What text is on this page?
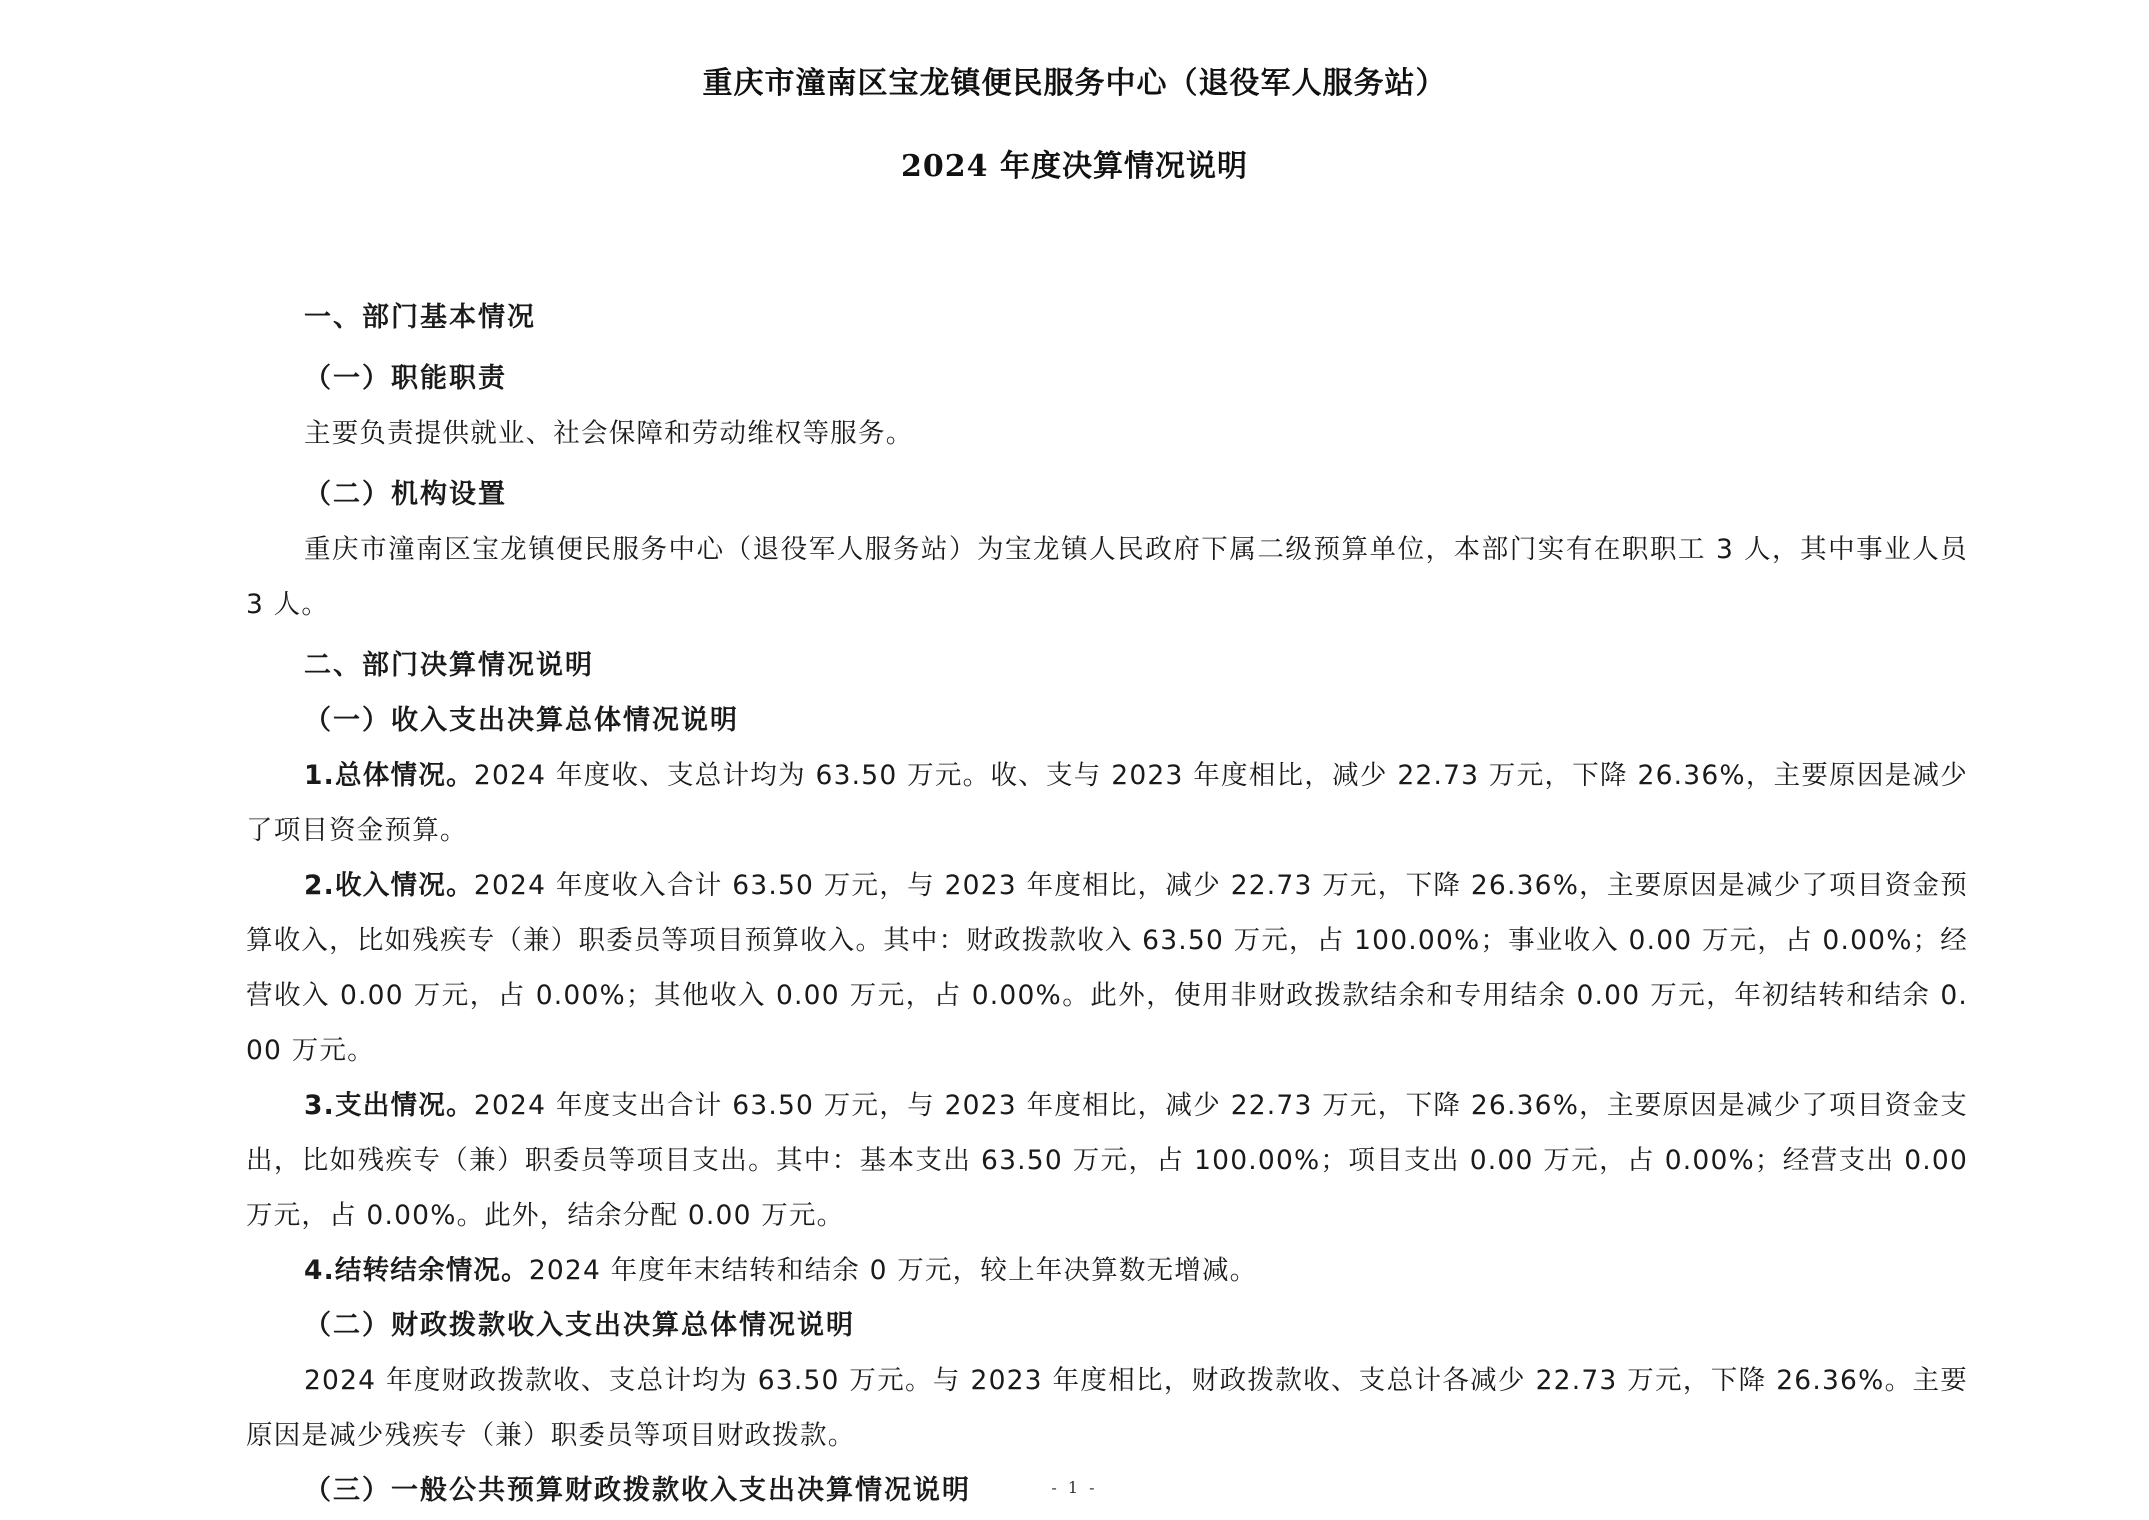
重庆市潼南区宝龙镇便民服务中心（退役军人服务站）
2024 年度决算情况说明
一、部门基本情况
（一）职能职责

主要负责提供就业、社会保障和劳动维权等服务。

（二）机构设置

重庆市潼南区宝龙镇便民服务中心（退役军人服务站）为宝龙镇人民政府下属二级预算单位，本部门实有在职职工 3 人，其中事业人员 3 人。

二、部门决算情况说明
（一）收入支出决算总体情况说明

1.总体情况。2024 年度收、支总计均为 63.50 万元。收、支与 2023 年度相比，减少 22.73 万元，下降 26.36%，主要原因是减少了项目资金预算。

2.收入情况。2024 年度收入合计 63.50 万元，与 2023 年度相比，减少 22.73 万元，下降 26.36%，主要原因是减少了项目资金预算收入，比如残疾专（兼）职委员等项目预算收入。其中：财政拨款收入 63.50 万元，占 100.00%；事业收入 0.00 万元，占 0.00%；经营收入 0.00 万元，占 0.00%；其他收入 0.00 万元，占 0.00%。此外，使用非财政拨款结余和专用结余 0.00 万元，年初结转和结余 0.00 万元。

3.支出情况。2024 年度支出合计 63.50 万元，与 2023 年度相比，减少 22.73 万元，下降 26.36%，主要原因是减少了项目资金支出，比如残疾专（兼）职委员等项目支出。其中：基本支出 63.50 万元，占 100.00%；项目支出 0.00 万元，占 0.00%；经营支出 0.00 万元，占 0.00%。此外，结余分配 0.00 万元。

4.结转结余情况。2024 年度年末结转和结余 0 万元，较上年决算数无增减。

（二）财政拨款收入支出决算总体情况说明

2024 年度财政拨款收、支总计均为 63.50 万元。与 2023 年度相比，财政拨款收、支总计各减少 22.73 万元，下降 26.36%。主要原因是减少残疾专（兼）职委员等项目财政拨款。

（三）一般公共预算财政拨款收入支出决算情况说明	- 1 -
